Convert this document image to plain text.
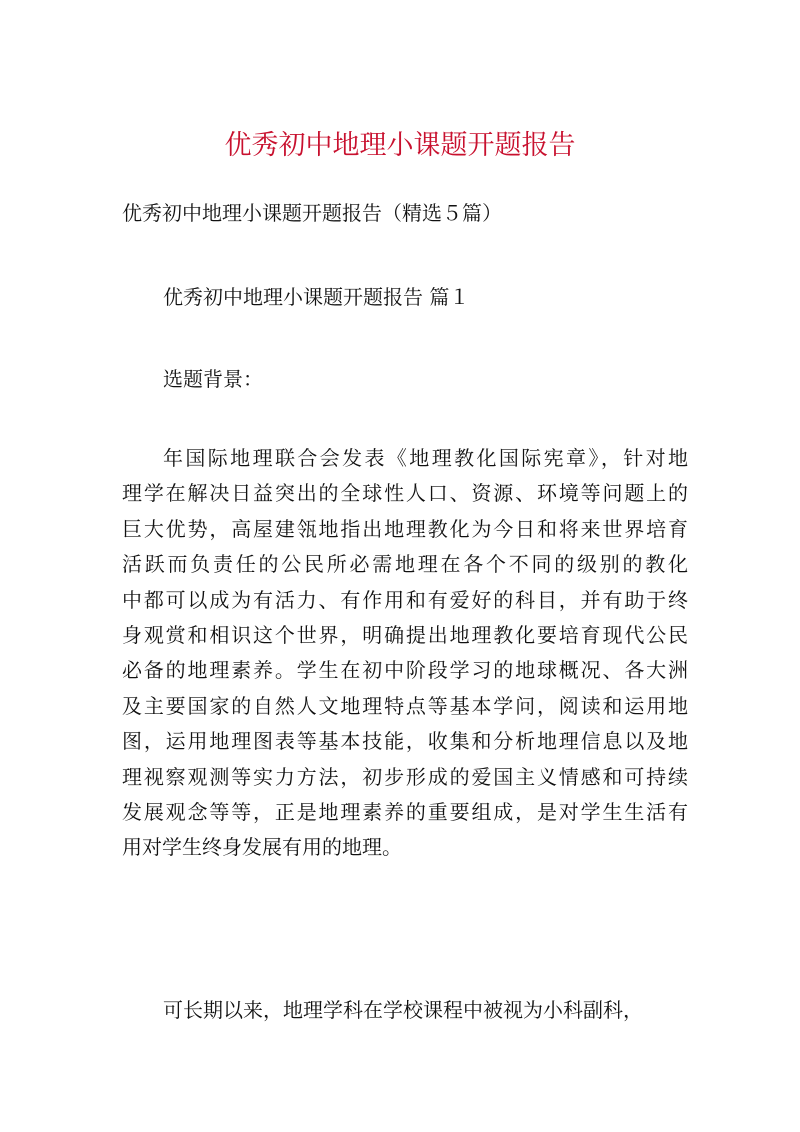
优秀初中地理小课题开题报告

优秀初中地理小课题开题报告（精选５篇）

优秀初中地理小课题开题报告 篇１

选题背景：

年国际地理联合会发表《地理教化国际宪章》，针对地
理学在解决日益突出的全球性人口、资源、环境等问题上的
巨大优势，高屋建瓴地指出地理教化为今日和将来世界培育
活跃而负责任的公民所必需地理在各个不同的级别的教化
中都可以成为有活力、有作用和有爱好的科目，并有助于终
身观赏和相识这个世界，明确提出地理教化要培育现代公民
必备的地理素养。学生在初中阶段学习的地球概况、各大洲
及主要国家的自然人文地理特点等基本学问，阅读和运用地
图，运用地理图表等基本技能，收集和分析地理信息以及地
理视察观测等实力方法，初步形成的爱国主义情感和可持续
发展观念等等，正是地理素养的重要组成，是对学生生活有
用对学生终身发展有用的地理。
可长期以来，地理学科在学校课程中被视为小科副科，
